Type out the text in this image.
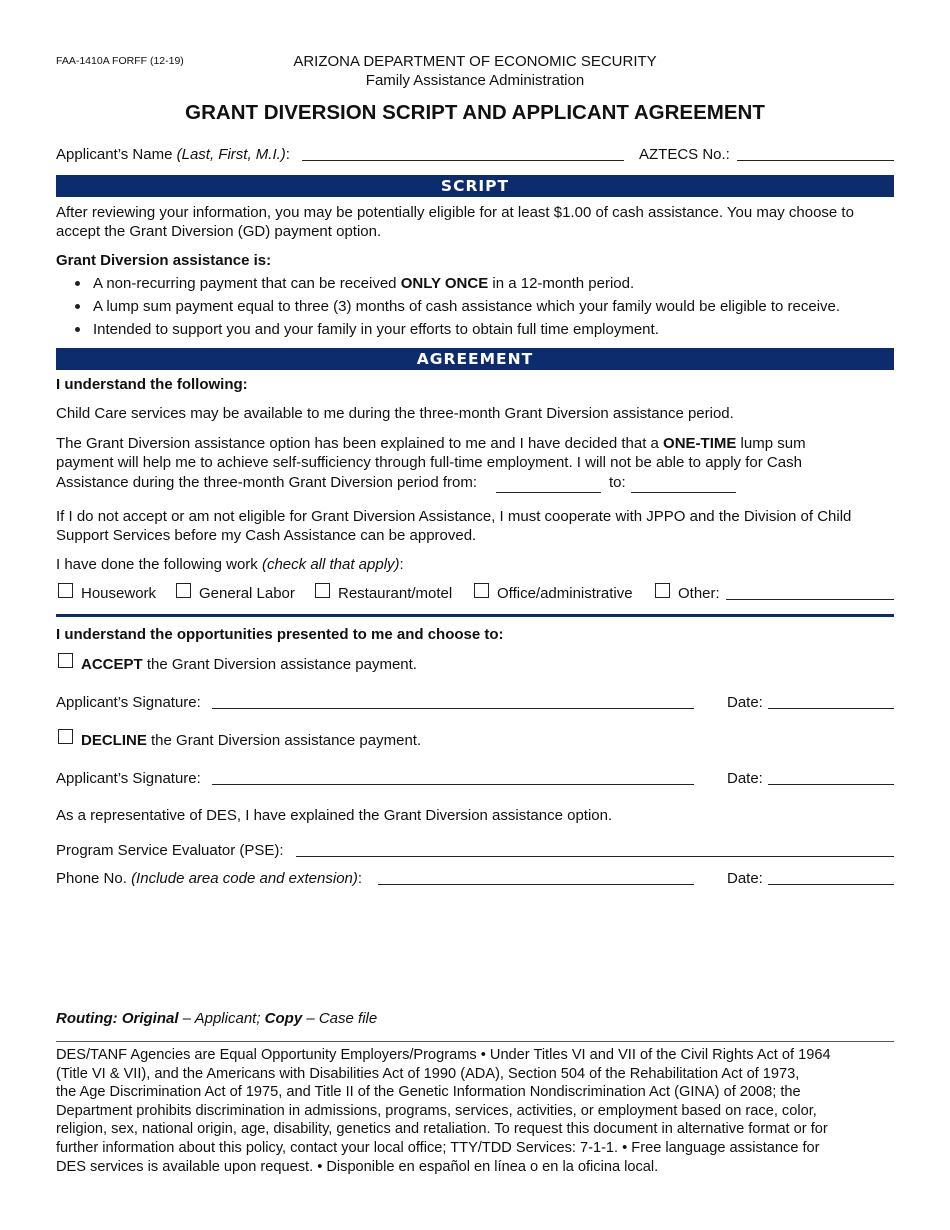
FAA-1410A FORFF (12-19)	ARIZONA DEPARTMENT OF ECONOMIC SECURITY
Family Assistance Administration
GRANT DIVERSION SCRIPT AND APPLICANT AGREEMENT
Applicant’s Name (Last, First, M.I.):	AZTECS No.:
SCRIPT
After reviewing your information, you may be potentially eligible for at least $1.00 of cash assistance. You may choose to
accept the Grant Diversion (GD) payment option.
Grant Diversion assistance is:
A non-recurring payment that can be received ONLY ONCE in a 12-month period.
A lump sum payment equal to three (3) months of cash assistance which your family would be eligible to receive.
Intended to support you and your family in your efforts to obtain full time employment.
AGREEMENT
I understand the following:
Child Care services may be available to me during the three-month Grant Diversion assistance period.
The Grant Diversion assistance option has been explained to me and I have decided that a ONE-TIME lump sum
payment will help me to achieve self-sufficiency through full-time employment. I will not be able to apply for Cash
Assistance during the three-month Grant Diversion period from:	to:
If I do not accept or am not eligible for Grant Diversion Assistance, I must cooperate with JPPO and the Division of Child
Support Services before my Cash Assistance can be approved.
I have done the following work (check all that apply):
Housework	General Labor	Restaurant/motel	Office/administrative	Other:
I understand the opportunities presented to me and choose to:
ACCEPT the Grant Diversion assistance payment.
Applicant’s Signature:	Date:
DECLINE the Grant Diversion assistance payment.
Applicant’s Signature:	Date:
As a representative of DES, I have explained the Grant Diversion assistance option.
Program Service Evaluator (PSE):
Phone No. (Include area code and extension):	Date:
Routing: Original – Applicant; Copy – Case file
DES/TANF Agencies are Equal Opportunity Employers/Programs • Under Titles VI and VII of the Civil Rights Act of 1964
(Title VI & VII), and the Americans with Disabilities Act of 1990 (ADA), Section 504 of the Rehabilitation Act of 1973,
the Age Discrimination Act of 1975, and Title II of the Genetic Information Nondiscrimination Act (GINA) of 2008; the
Department prohibits discrimination in admissions, programs, services, activities, or employment based on race, color,
religion, sex, national origin, age, disability, genetics and retaliation. To request this document in alternative format or for
further information about this policy, contact your local office; TTY/TDD Services: 7-1-1. • Free language assistance for
DES services is available upon request. • Disponible en español en línea o en la oficina local.
